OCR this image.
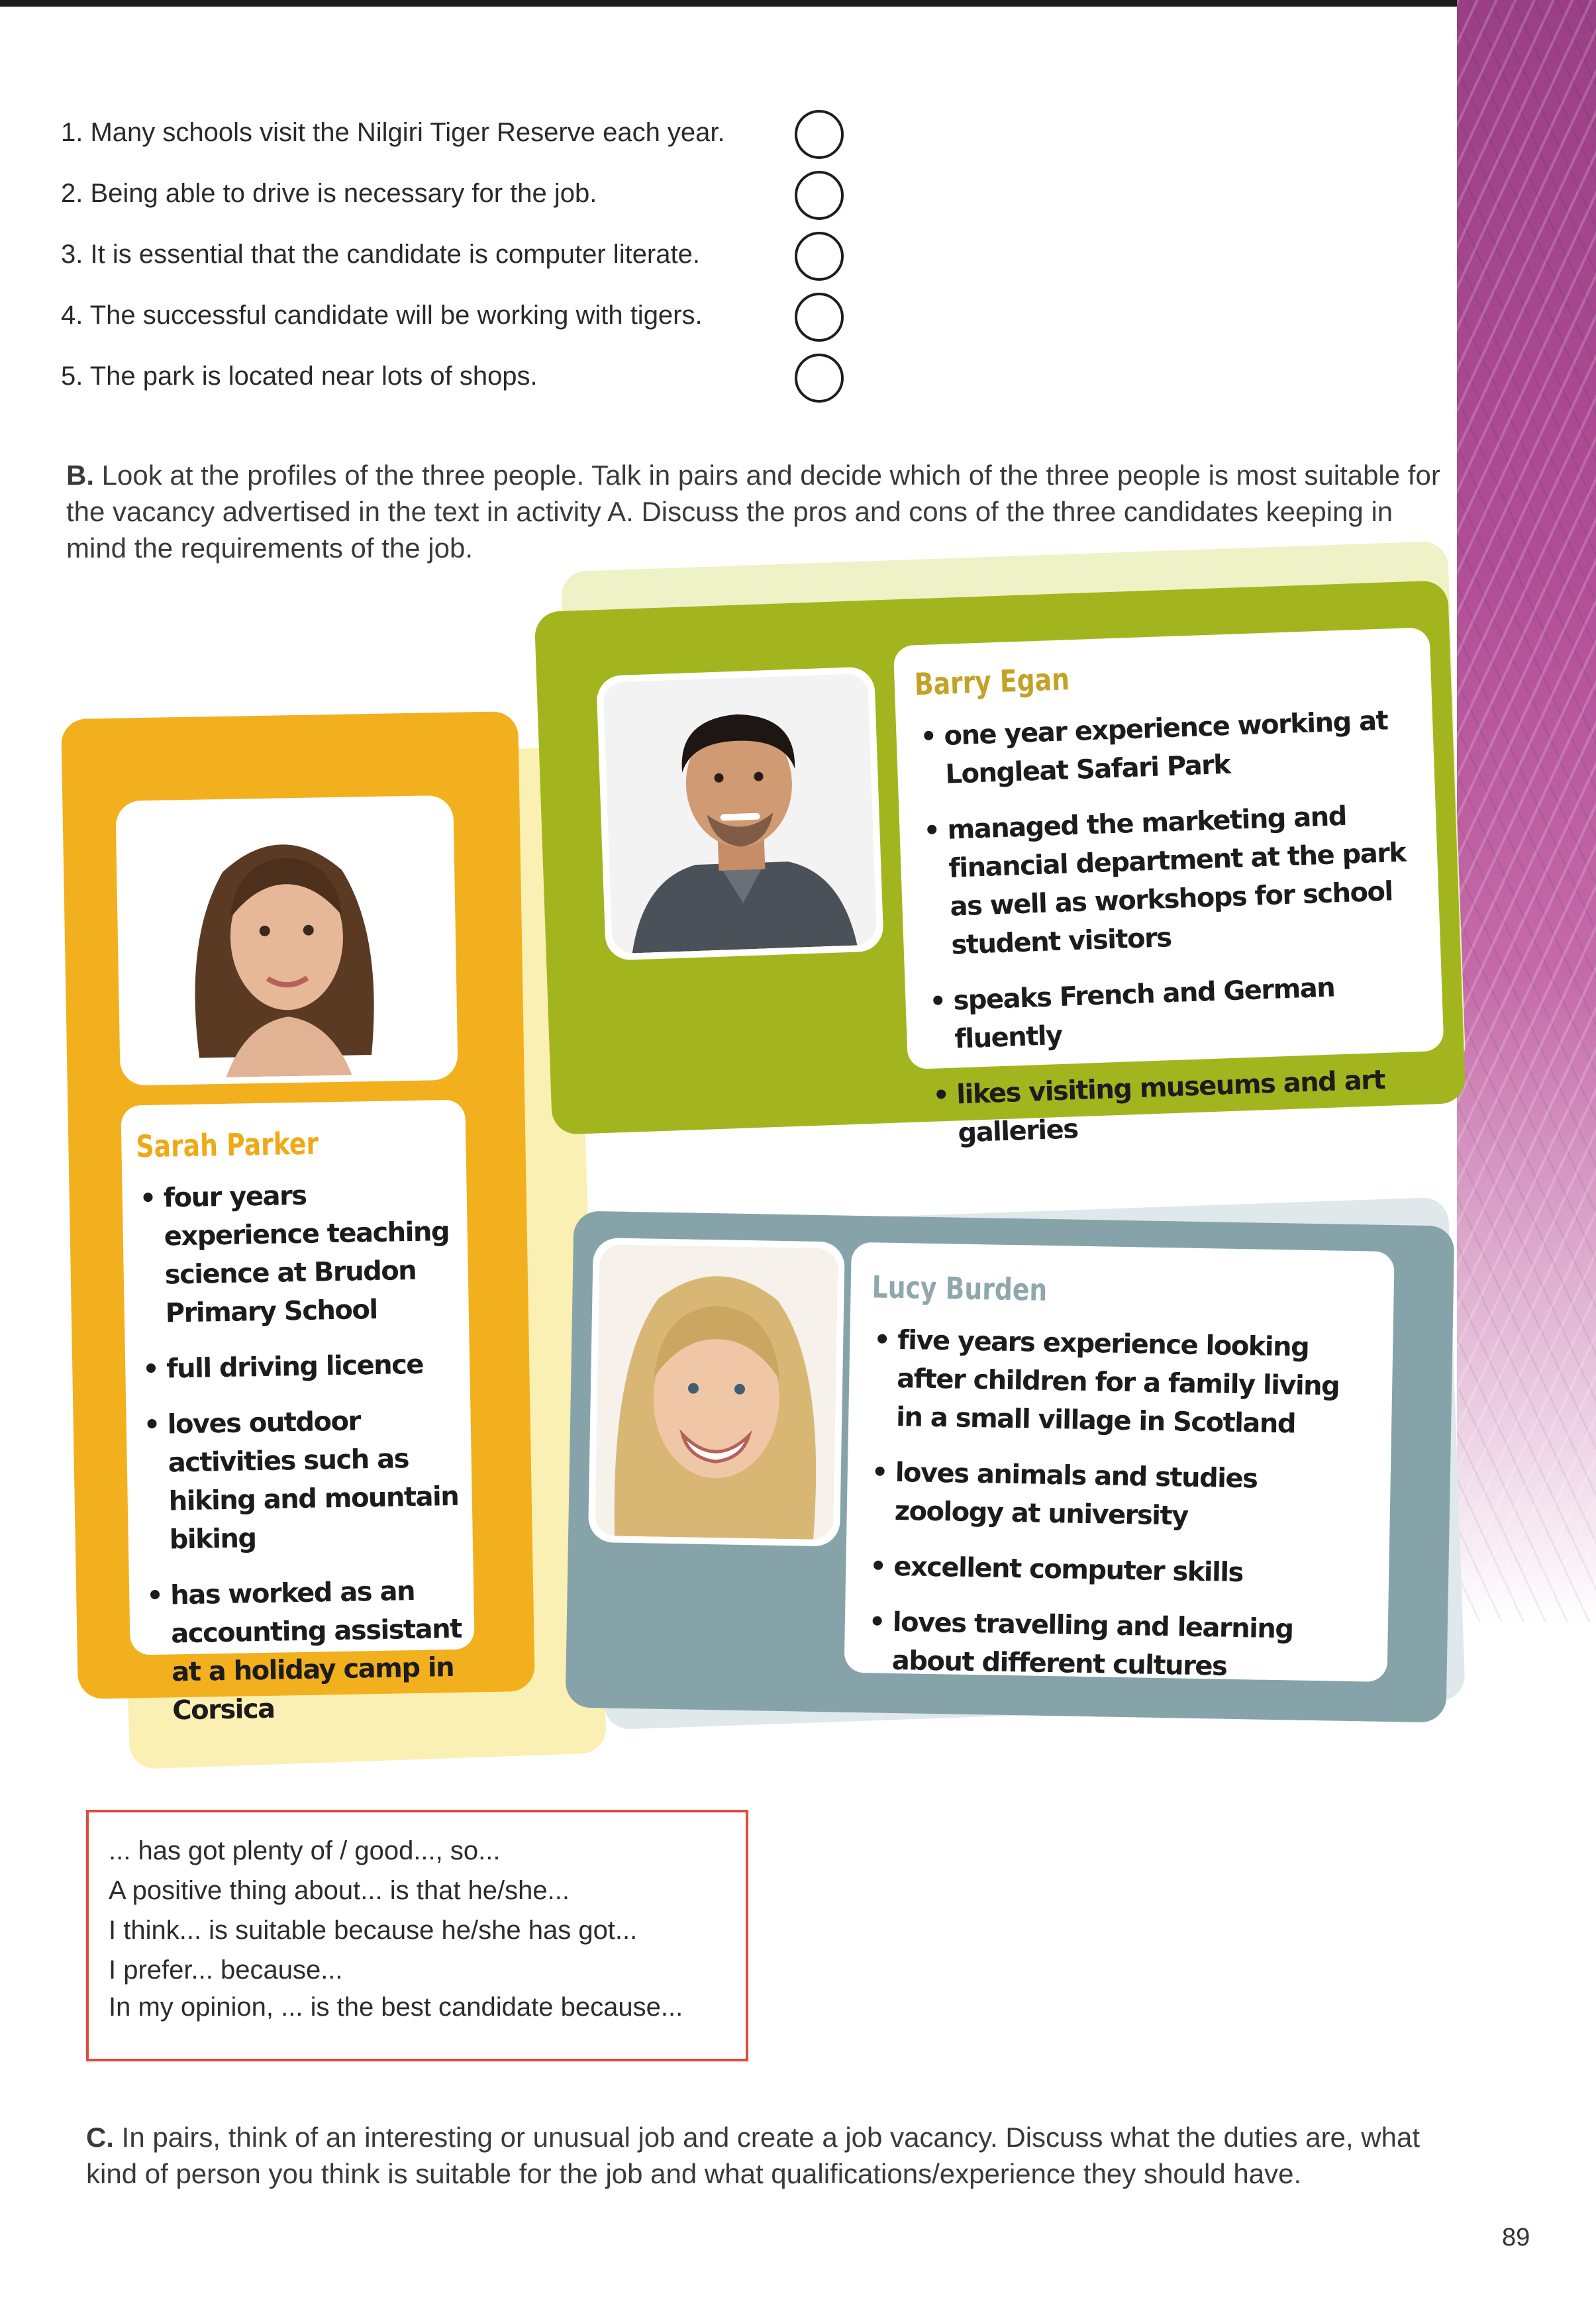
1. Many schools visit the Nilgiri Tiger Reserve each year.
2. Being able to drive is necessary for the job.
3. It is essential that the candidate is computer literate.
4. The successful candidate will be working with tigers.
5. The park is located near lots of shops.
B. Look at the profiles of the three people. Talk in pairs and decide which of the three people is most suitable for the vacancy advertised in the text in activity A. Discuss the pros and cons of the three candidates keeping in mind the requirements of the job.
Barry Egan
• one year experience working at Longleat Safari Park
• managed the marketing and financial department at the park as well as workshops for school student visitors
• speaks French and German fluently
• likes visiting museums and art galleries
Sarah Parker
• four years experience teaching science at Brudon Primary School
• full driving licence
• loves outdoor activities such as hiking and mountain biking
• has worked as an accounting assistant at a holiday camp in Corsica
Lucy Burden
• five years experience looking after children for a family living in a small village in Scotland
• loves animals and studies zoology at university
• excellent computer skills
• loves travelling and learning about different cultures
... has got plenty of / good..., so...
A positive thing about... is that he/she...
I think... is suitable because he/she has got...
I prefer... because...
In my opinion, ... is the best candidate because...
C. In pairs, think of an interesting or unusual job and create a job vacancy. Discuss what the duties are, what kind of person you think is suitable for the job and what qualifications/experience they should have.
89
